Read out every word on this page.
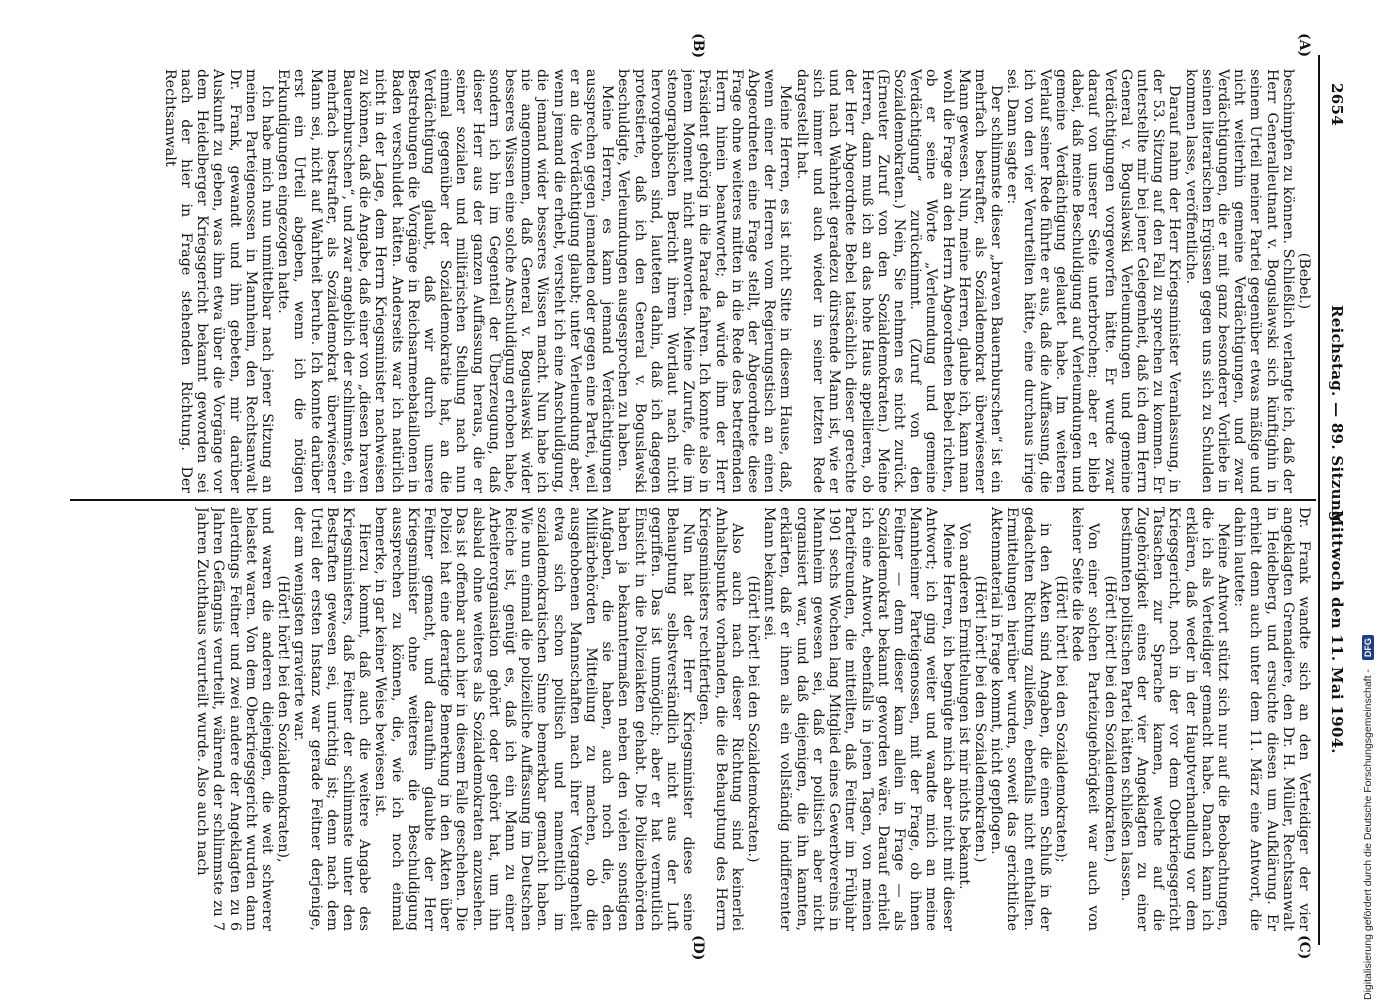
2654
Reichstag. — 89. Sitzung.
Mittwoch den 11. Mai 1904.
(A)
(B)
(C)
(D)

(Bebel.)

beschimpfen zu können. Schließlich verlangte ich, daß der Herr Generalleutnant v. Boguslawski sich künftighin in seinem Urteil meiner Partei gegenüber etwas mäßige und nicht weiterhin gemeine Verdächtigungen, und zwar Verdächtigungen, die er mit ganz besonderer Vorliebe in seinen literarischen Ergüssen gegen uns sich zu Schulden kommen lasse, veröffentliche.

Darauf nahm der Herr Kriegsminister Veranlassung, in der 53. Sitzung auf den Fall zu sprechen zu kommen. Er unterstellte mir bei jener Gelegenheit, daß ich dem Herrn General v. Boguslawski Verleumdungen und gemeine Verdächtigungen vorgeworfen hätte. Er wurde zwar darauf von unserer Seite unterbrochen; aber er blieb dabei, daß meine Beschuldigung auf Verleumdungen und gemeine Verdächtigung gelautet habe. Im weiteren Verlauf seiner Rede führte er aus, daß die Auffassung, die ich von den vier Verurteilten hätte, eine durchaus irrige sei. Dann sagte er:

Der schlimmste dieser „braven Bauernburschen“ ist ein mehrfach bestrafter, als Sozialdemokrat überwiesener Mann gewesen. Nun, meine Herren, glaube ich, kann man wohl die Frage an den Herrn Abgeordneten Bebel richten, ob er seine Worte „Verleumdung und gemeine Verdächtigung“ zurücknimmt. (Zuruf von den Sozialdemokraten.) Nein, Sie nehmen es nicht zurück. (Erneuter Zuruf von den Sozialdemokraten.) Meine Herren, dann muß ich an das hohe Haus appellieren, ob der Herr Abgeordnete Bebel tatsächlich dieser gerechte und nach Wahrheit geradezu dürstende Mann ist, wie er sich immer und auch wieder in seiner letzten Rede dargestellt hat.

Meine Herren, es ist nicht Sitte in diesem Hause, daß, wenn einer der Herren vom Regierungstisch an einen Abgeordneten eine Frage stellt, der Abgeordnete diese Frage ohne weiteres mitten in die Rede des betreffenden Herrn hinein beantwortet; da würde ihm der Herr Präsident gehörig in die Parade fahren. Ich konnte also in jenem Moment nicht antworten. Meine Zurufe, die im stenographischen Bericht ihrem Wortlaut nach nicht hervorgehoben sind, lauteten dahin, daß ich dagegen protestierte, daß ich den General v. Boguslawski beschuldigte, Verleumdungen ausgesprochen zu haben.

Meine Herren, es kann jemand Verdächtigungen aussprechen gegen jemanden oder gegen eine Partei, weil er an die Verdächtigung glaubt; unter Verleumdung aber, wenn jemand die erhebt, versteht ich eine Anschuldigung, die jemand wider besseres Wissen macht. Nun habe ich nie angenommen, daß General v. Boguslawski wider besseres Wissen eine solche Anschuldigung erhoben habe, sondern ich bin im Gegenteil der Überzeugung, daß dieser Herr aus der ganzen Auffassung heraus, die er seiner sozialen und militärischen Stellung nach nun einmal gegenüber der Sozialdemokratie hat, an die Verdächtigung glaubt, daß wir durch unsere Bestrebungen die Vorgänge in Reichsarmeebataillonen in Baden verschuldet hätten. Anderseits war ich natürlich nicht in der Lage, dem Herrn Kriegsminister nachweisen zu können, daß die Angabe, daß einer von „diesen braven Bauernburschen“, und zwar angeblich der schlimmste, ein mehrfach bestrafter, als Sozialdemokrat überwiesener Mann sei, nicht auf Wahrheit beruhe. Ich konnte darüber erst ein Urteil abgeben, wenn ich die nötigen Erkundigungen eingezogen hatte.

Ich habe mich nun unmittelbar nach jener Sitzung an meinen Parteigenossen in Mannheim, den Rechtsanwalt Dr. Frank, gewandt und ihn gebeten, mir darüber Auskunft zu geben, was ihm etwa über die Vorgänge vor dem Heidelberger Kriegsgericht bekannt geworden sei nach der hier in Frage stehenden Richtung. Der Rechtsanwalt

Dr. Frank wandte sich an den Verteidiger der vier angeklagten Grenadiere, den Dr. H. Müller, Rechtsanwalt in Heidelberg, und ersuchte diesen um Aufklärung. Er erhielt denn auch unter dem 11. März eine Antwort, die dahin lautete:

Meine Antwort stützt sich nur auf die Beobachtungen, die ich als Verteidiger gemacht habe. Danach kann ich erklären, daß weder in der Hauptverhandlung vor dem Kriegsgericht, noch in der vor dem Oberkriegsgericht Tatsachen zur Sprache kamen, welche auf die Zugehörigkeit eines der vier Angeklagten zu einer bestimmten politischen Partei hätten schließen lassen.

(Hört! hört! bei den Sozialdemokraten.)

Von einer solchen Parteizugehörigkeit war auch von keiner Seite die Rede

(Hört! hört! bei den Sozialdemokraten);

in den Akten sind Angaben, die einen Schluß in der gedachten Richtung zuließen, ebenfalls nicht enthalten. Ermittelungen hierüber wurden, soweit das gerichtliche Aktenmaterial in Frage kommt, nicht gepflogen.

(Hört! hört! bei den Sozialdemokraten.)

Von anderen Ermittelungen ist mir nichts bekannt.

Meine Herren, ich begnügte mich aber nicht mit dieser Antwort; ich ging weiter und wandte mich an meine Mannheimer Parteigenossen, mit der Frage, ob ihnen Feitner — denn dieser kam allein in Frage — als Sozialdemokrat bekannt geworden wäre. Darauf erhielt ich eine Antwort, ebenfalls in jenen Tagen, von meinen Parteifreunden, die mitteilten, daß Feitner im Frühjahr 1901 sechs Wochen lang Mitglied eines Gewerbvereins in Mannheim gewesen sei, daß er politisch aber nicht organisiert war, und daß diejenigen, die ihn kannten, erklärten, daß er ihnen als ein vollständig indifferenter Mann bekannt sei.

(Hört! hört! bei den Sozialdemokraten.)

Also auch nach dieser Richtung sind keinerlei Anhaltspunkte vorhanden, die die Behauptung des Herrn Kriegsministers rechtfertigen.

Nun hat der Herr Kriegsminister diese seine Behauptung selbstverständlich nicht aus der Luft gegriffen. Das ist unmöglich; aber er hat vermutlich Einsicht in die Polizeiakten gehabt. Die Polizeibehörden haben ja bekanntermaßen neben den vielen sonstigen Aufgaben, die sie haben, auch noch die, den Militärbehörden Mitteilung zu machen, ob die ausgehobenen Mannschaften nach ihrer Vergangenheit etwa sich schon politisch und namentlich im sozialdemokratischen Sinne bemerkbar gemacht haben. Wie nun einmal die polizeiliche Auffassung im Deutschen Reiche ist, genügt es, daß ich ein Mann zu einer Arbeiterorganisation gehört oder gehört hat, um ihn alsbald ohne weiteres als Sozialdemokraten anzusehen. Das ist offenbar auch hier in diesem Falle geschehen. Die Polizei hat eine derartige Bemerkung in den Akten über Feitner gemacht, und daraufhin glaubte der Herr Kriegsminister ohne weiteres die Beschuldigung aussprechen zu können, die, wie ich noch einmal bemerke, in gar keiner Weise bewiesen ist.

Hierzu kommt, daß auch die weitere Angabe des Kriegsministers, daß Feitner der schlimmste unter den Bestraften gewesen sei, unrichtig ist; denn nach dem Urteil der ersten Instanz war gerade Feitner derjenige, der am wenigsten gravierte war.

(Hört! hört! bei den Sozialdemokraten),

und waren die anderen diejenigen, die weit schwerer belastet waren. Von dem Oberkriegsgericht wurden dann allerdings Feitner und zwei andere der Angeklagten zu 6 Jahren Gefängnis verurteilt, während der schlimmste zu 7 Jahren Zuchthaus verurteilt wurde. Also auch nach	Digitalisierung gefördert durch die Deutsche Forschungsgemeinschaft - DFG
